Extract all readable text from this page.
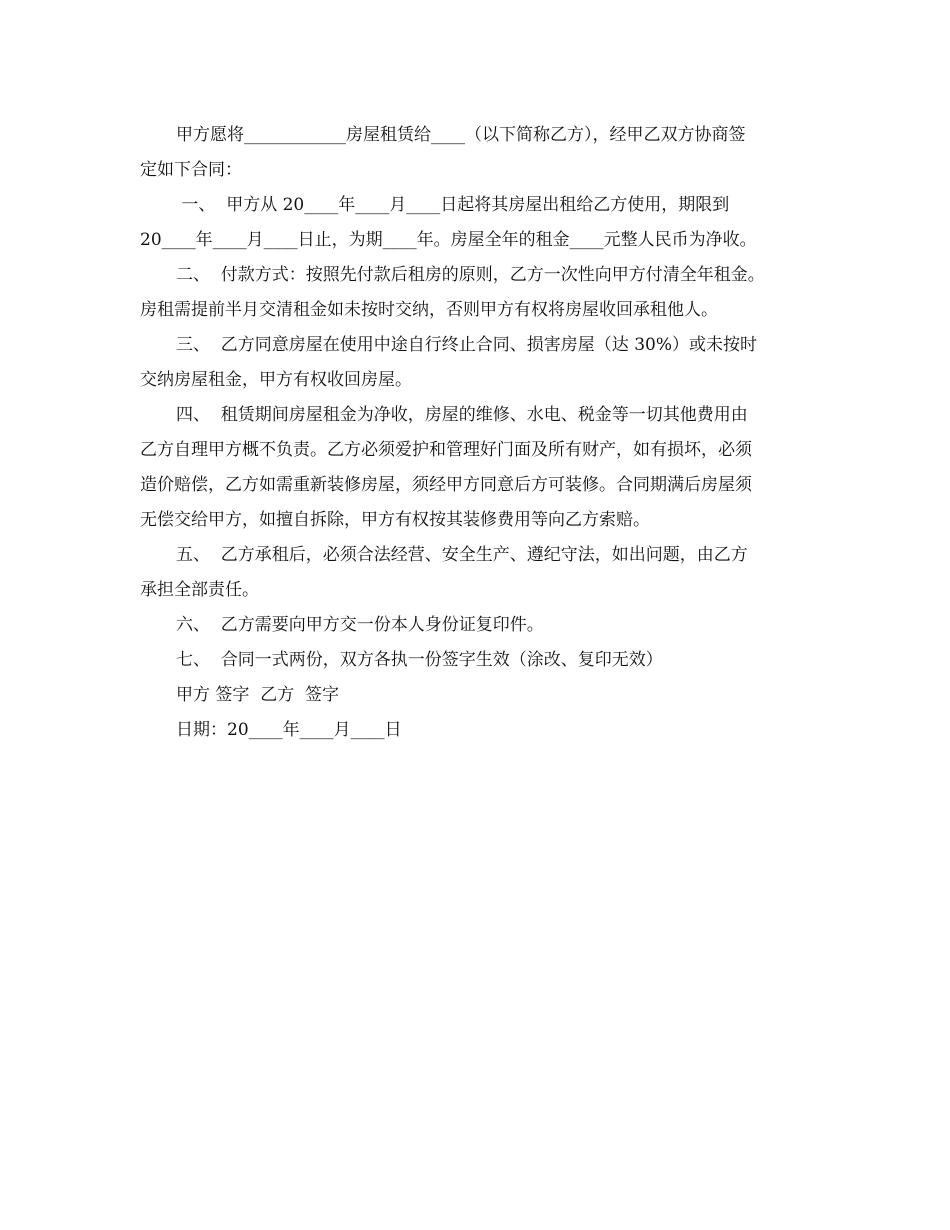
甲方愿将____________房屋租赁给____（以下简称乙方），经甲乙双方协商签
定如下合同：
一、  甲方从 20____年____月____日起将其房屋出租给乙方使用，期限到
20____年____月____日止，为期____年。房屋全年的租金____元整人民币为净收。
二、  付款方式：按照先付款后租房的原则，乙方一次性向甲方付清全年租金。
房租需提前半月交清租金如未按时交纳，否则甲方有权将房屋收回承租他人。
三、  乙方同意房屋在使用中途自行终止合同、损害房屋（达 30%）或未按时
交纳房屋租金，甲方有权收回房屋。
四、  租赁期间房屋租金为净收，房屋的维修、水电、税金等一切其他费用由
乙方自理甲方概不负责。乙方必须爱护和管理好门面及所有财产，如有损坏，必须
造价赔偿，乙方如需重新装修房屋，须经甲方同意后方可装修。合同期满后房屋须
无偿交给甲方，如擅自拆除，甲方有权按其装修费用等向乙方索赔。
五、  乙方承租后，必须合法经营、安全生产、遵纪守法，如出问题，由乙方
承担全部责任。
六、  乙方需要向甲方交一份本人身份证复印件。
七、  合同一式两份，双方各执一份签字生效（涂改、复印无效）
甲方 签字  乙方  签字
日期：20____年____月____日
